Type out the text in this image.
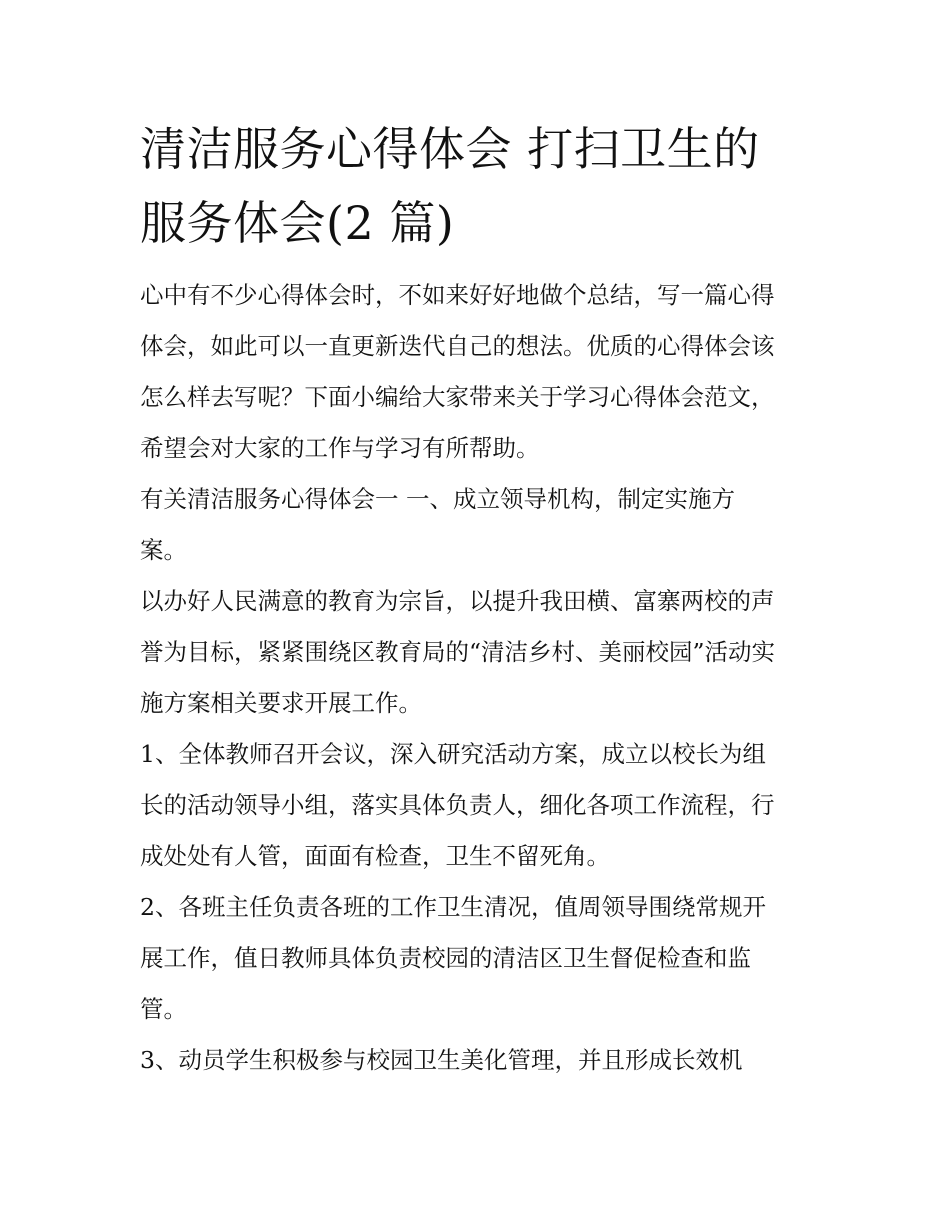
清洁服务心得体会 打扫卫生的
服务体会(2 篇)

心中有不少心得体会时，不如来好好地做个总结，写一篇心得
体会，如此可以一直更新迭代自己的想法。优质的心得体会该
怎么样去写呢？下面小编给大家带来关于学习心得体会范文，
希望会对大家的工作与学习有所帮助。

有关清洁服务心得体会一 一、成立领导机构，制定实施方
案。

以办好人民满意的教育为宗旨，以提升我田横、富寨两校的声
誉为目标，紧紧围绕区教育局的“清洁乡村、美丽校园”活动实
施方案相关要求开展工作。

1、全体教师召开会议，深入研究活动方案，成立以校长为组
长的活动领导小组，落实具体负责人，细化各项工作流程，行
成处处有人管，面面有检查，卫生不留死角。

2、各班主任负责各班的工作卫生清况，值周领导围绕常规开
展工作，值日教师具体负责校园的清洁区卫生督促检查和监
管。

3、动员学生积极参与校园卫生美化管理，并且形成长效机
